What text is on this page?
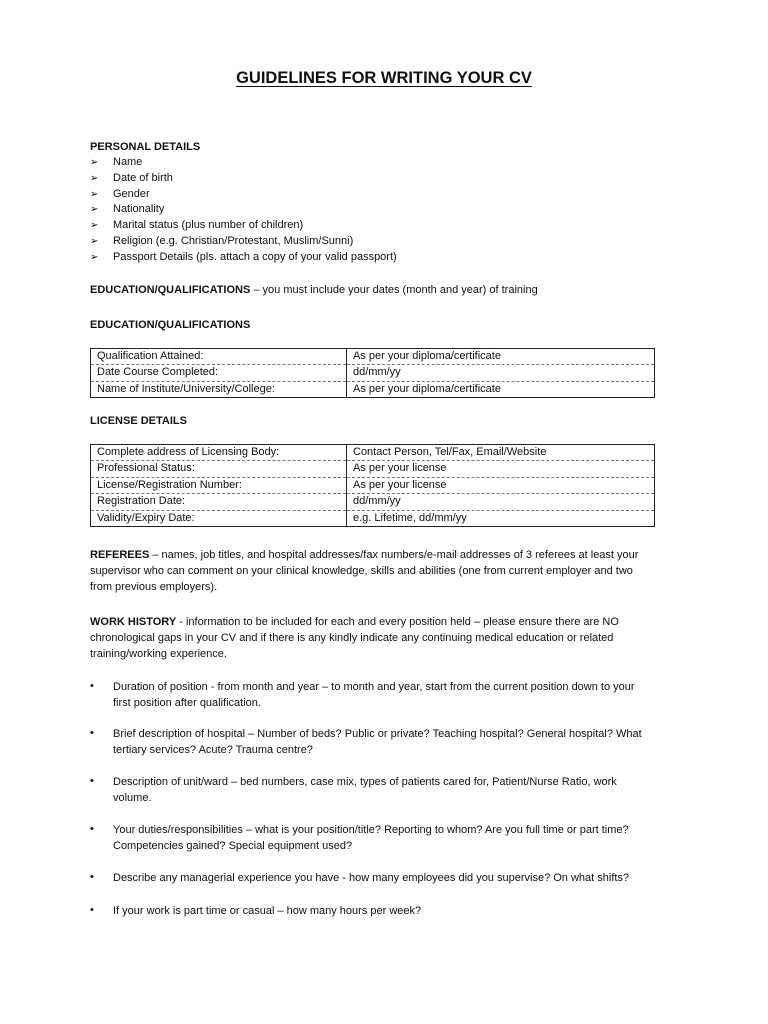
GUIDELINES FOR WRITING YOUR CV
PERSONAL DETAILS
➢	Name
➢	Date of birth
➢	Gender
➢	Nationality
➢	Marital status (plus number of children)
➢	Religion (e.g. Christian/Protestant, Muslim/Sunni)
➢	Passport Details (pls. attach a copy of your valid passport)
EDUCATION/QUALIFICATIONS – you must include your dates (month and year) of training
EDUCATION/QUALIFICATIONS
Qualification Attained:	As per your diploma/certificate
Date Course Completed:	dd/mm/yy
Name of Institute/University/College:	As per your diploma/certificate
LICENSE DETAILS
Complete address of Licensing Body:	Contact Person, Tel/Fax, Email/Website
Professional Status:	As per your license
License/Registration Number:	As per your license
Registration Date:	dd/mm/yy
Validity/Expiry Date:	e.g. Lifetime, dd/mm/yy
REFEREES – names, job titles, and hospital addresses/fax numbers/e-mail addresses of 3 referees at least your
supervisor who can comment on your clinical knowledge, skills and abilities (one from current employer and two
from previous employers).
WORK HISTORY - information to be included for each and every position held – please ensure there are NO
chronological gaps in your CV and if there is any kindly indicate any continuing medical education or related
training/working experience.
•	Duration of position - from month and year – to month and year, start from the current position down to your
first position after qualification.
•	Brief description of hospital – Number of beds? Public or private? Teaching hospital? General hospital? What
tertiary services? Acute? Trauma centre?
•	Description of unit/ward – bed numbers, case mix, types of patients cared for, Patient/Nurse Ratio, work
volume.
•	Your duties/responsibilities – what is your position/title? Reporting to whom? Are you full time or part time?
Competencies gained? Special equipment used?
•	Describe any managerial experience you have - how many employees did you supervise? On what shifts?
•	If your work is part time or casual – how many hours per week?
